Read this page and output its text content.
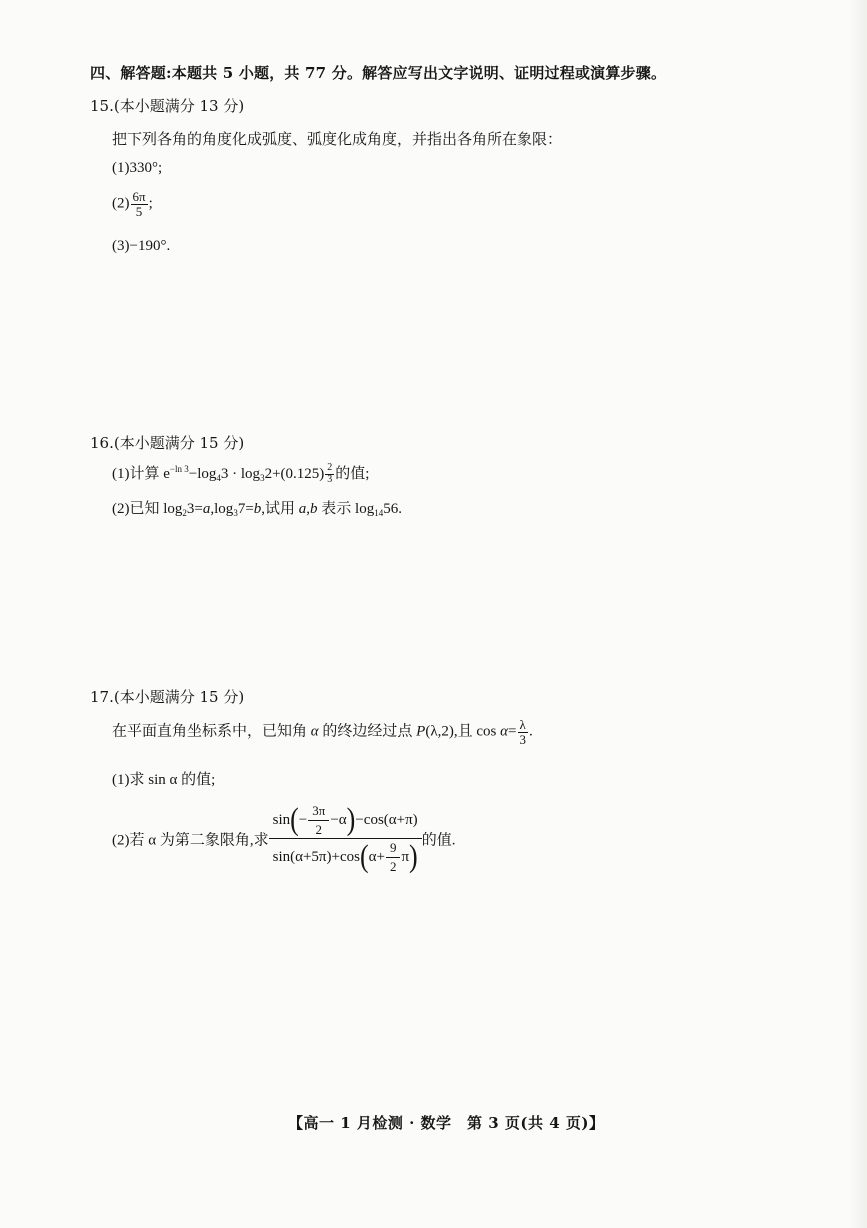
四、解答题:本题共 5 小题，共 77 分。解答应写出文字说明、证明过程或演算步骤。
15.(本小题满分 13 分)
把下列各角的角度化成弧度、弧度化成角度，并指出各角所在象限：
(1)330°;
$(2) \frac{6\pi}{5}$ ;
(3)−190°.
16.(本小题满分 15 分)
(1)计算 $e^{-ln 3}-\log_43 \cdot \log_32+(0.125) \frac{2}{3}$ 的值;
(2)已知 $\log_23=a,\log_37=b$,试用 a,b 表示 $\log_{14}56$.
17.(本小题满分 15 分)
在平面直角坐标系中，已知角 α 的终边经过点 P(λ,2),且 $\cos \alpha= \frac{\lambda}{3}$ .
(1)求 sin α 的值;
(2)若 α 为第二象限角,求 $\frac{\sin ( - \frac{3\pi}{2} -\alpha ) -\cos(\alpha+\pi)}{\sin(\alpha+5\pi)+\cos ( \alpha+ \frac{9}{2} \pi )}$ 的值.
【高一 1 月检测 · 数学　第 3 页(共 4 页)】
